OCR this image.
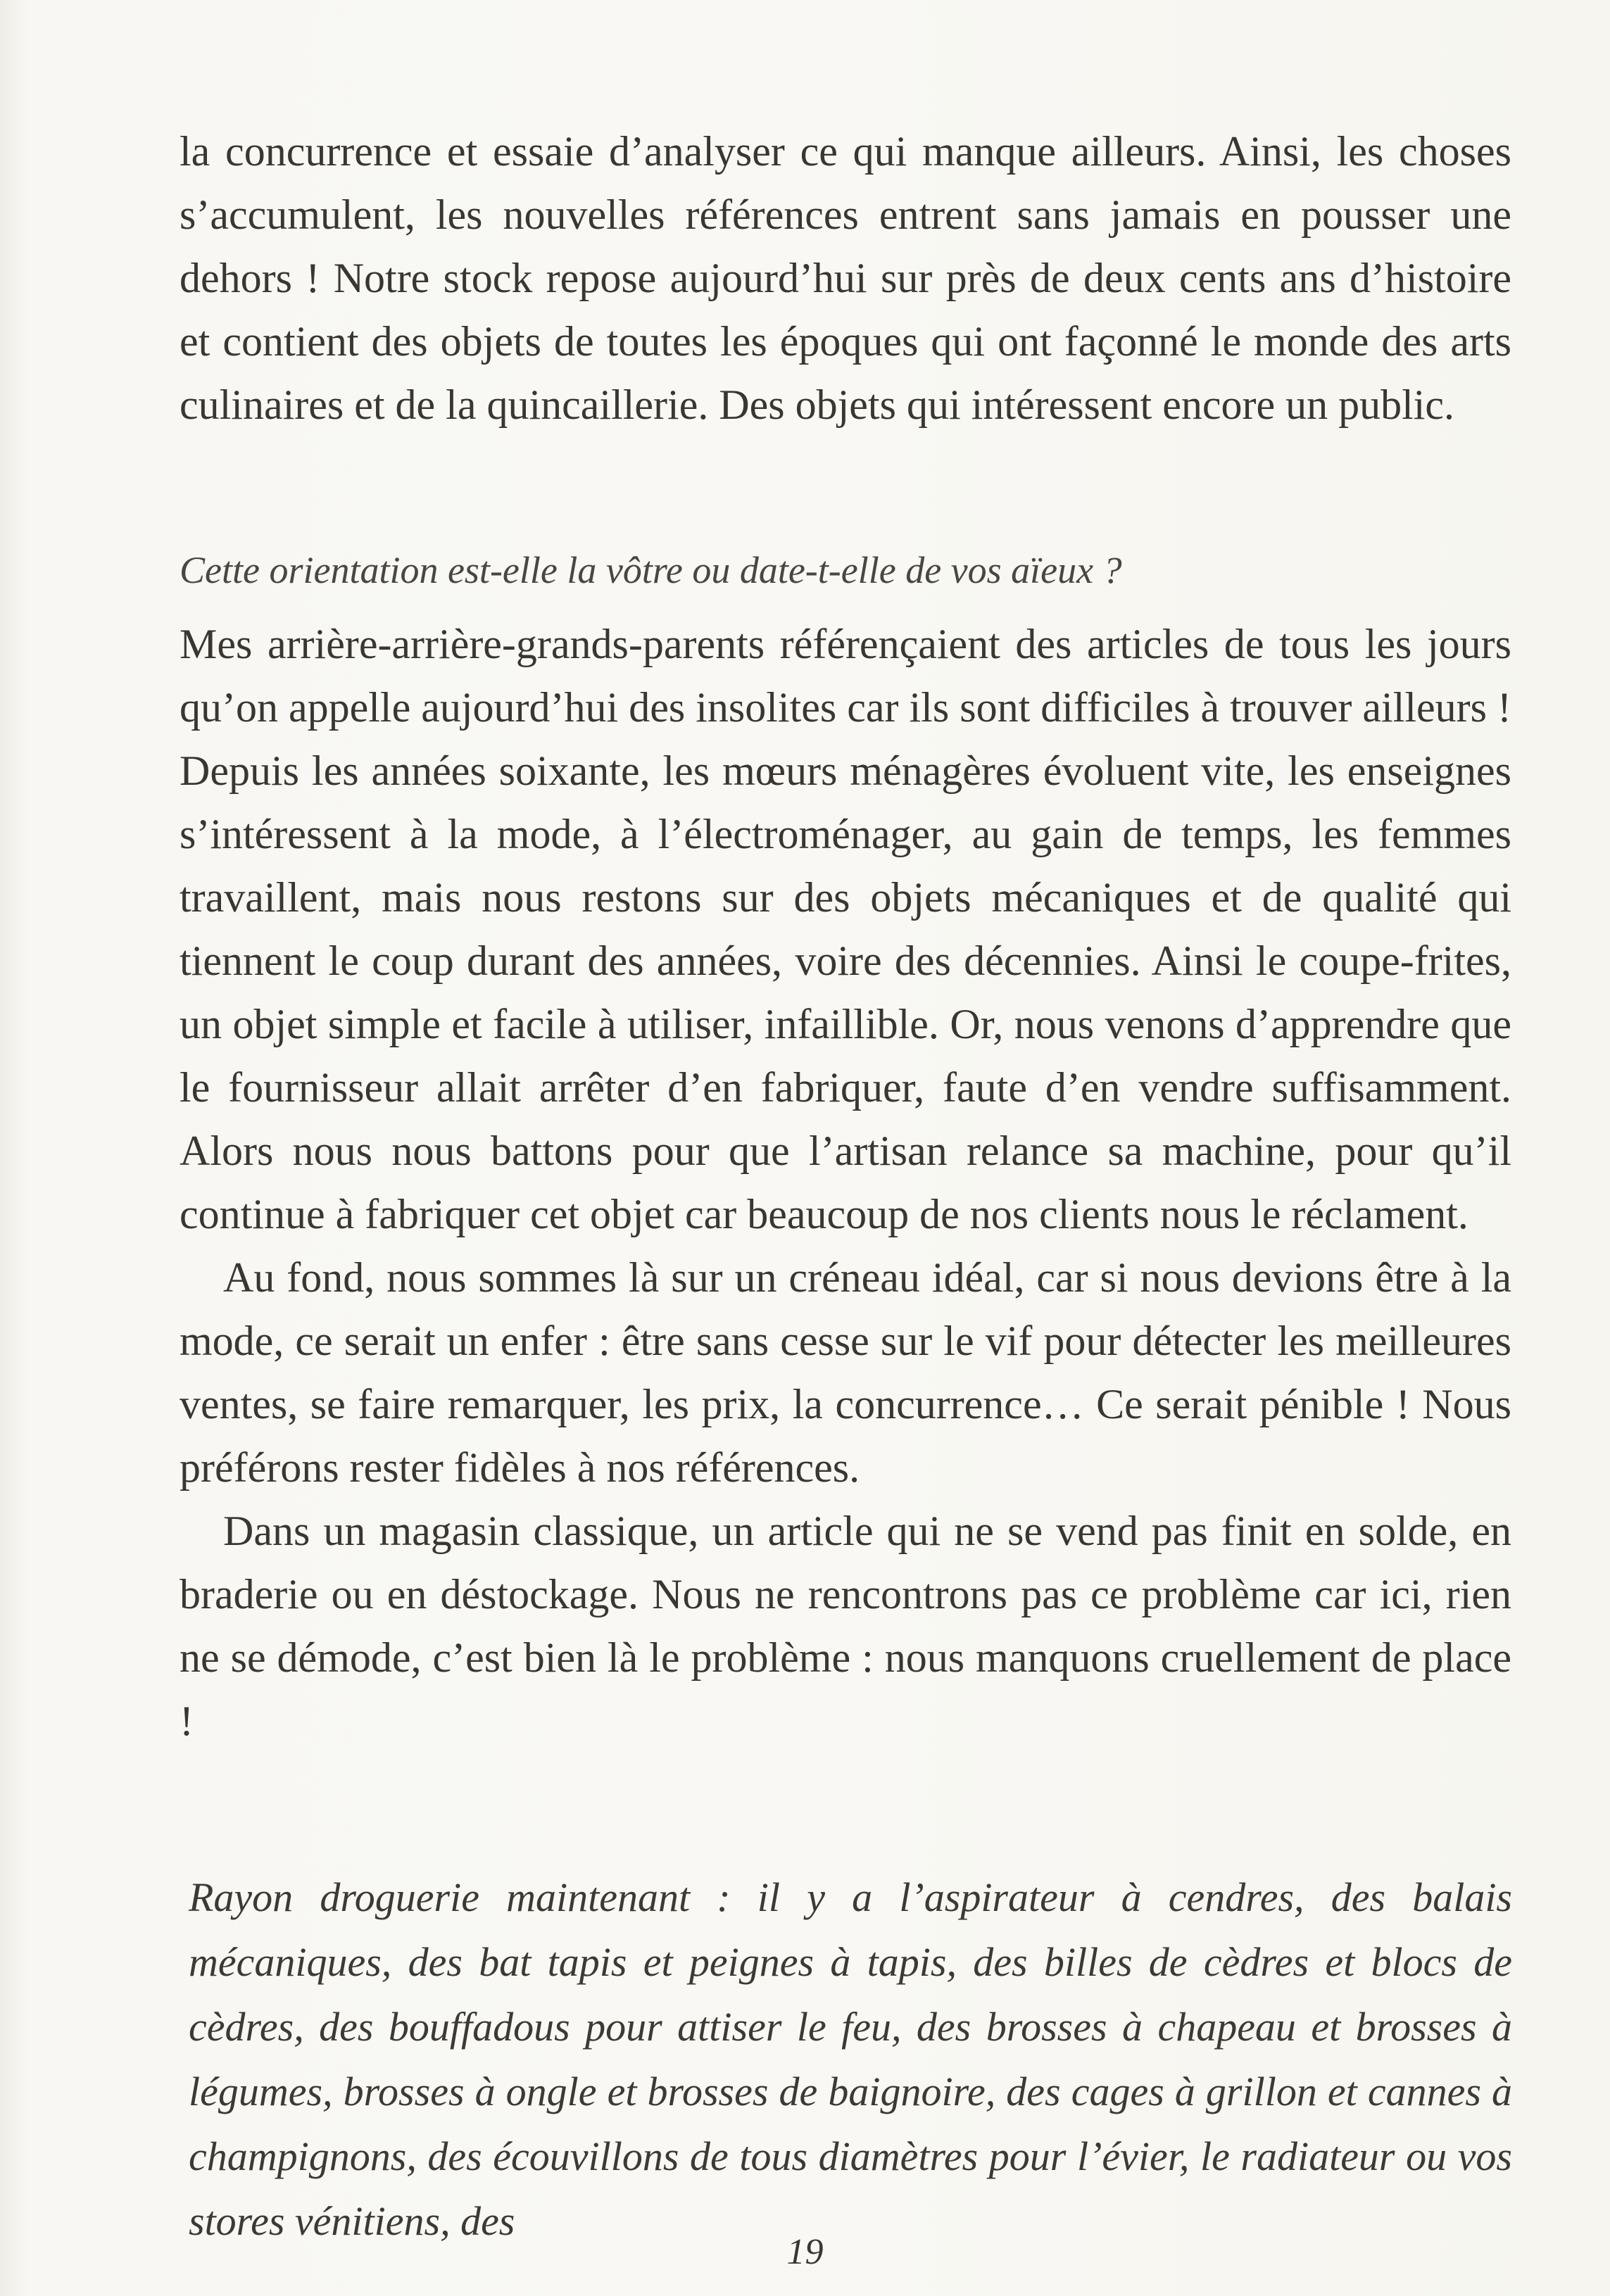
la concurrence et essaie d’analyser ce qui manque ailleurs. Ainsi, les choses s’accumulent, les nouvelles références entrent sans jamais en pousser une dehors ! Notre stock repose aujourd’hui sur près de deux cents ans d’histoire et contient des objets de toutes les époques qui ont façonné le monde des arts culinaires et de la quincaillerie. Des objets qui intéressent encore un public.

Cette orientation est-elle la vôtre ou date-t-elle de vos aïeux ?

Mes arrière-arrière-grands-parents référençaient des articles de tous les jours qu’on appelle aujourd’hui des insolites car ils sont difficiles à trouver ailleurs ! Depuis les années soixante, les mœurs ménagères évoluent vite, les enseignes s’intéressent à la mode, à l’électroménager, au gain de temps, les femmes travaillent, mais nous restons sur des objets mécaniques et de qualité qui tiennent le coup durant des années, voire des décennies. Ainsi le coupe-frites, un objet simple et facile à utiliser, infaillible. Or, nous venons d’apprendre que le fournisseur allait arrêter d’en fabriquer, faute d’en vendre suffisamment. Alors nous nous battons pour que l’artisan relance sa machine, pour qu’il continue à fabriquer cet objet car beaucoup de nos clients nous le réclament.

Au fond, nous sommes là sur un créneau idéal, car si nous devions être à la mode, ce serait un enfer : être sans cesse sur le vif pour détecter les meilleures ventes, se faire remarquer, les prix, la concurrence… Ce serait pénible ! Nous préférons rester fidèles à nos références.

Dans un magasin classique, un article qui ne se vend pas finit en solde, en braderie ou en déstockage. Nous ne rencontrons pas ce problème car ici, rien ne se démode, c’est bien là le problème : nous manquons cruellement de place !

Rayon droguerie maintenant : il y a l’aspirateur à cendres, des balais mécaniques, des bat tapis et peignes à tapis, des billes de cèdres et blocs de cèdres, des bouffadous pour attiser le feu, des brosses à chapeau et brosses à légumes, brosses à ongle et brosses de baignoire, des cages à grillon et cannes à champignons, des écouvillons de tous diamètres pour l’évier, le radiateur ou vos stores vénitiens, des
19
